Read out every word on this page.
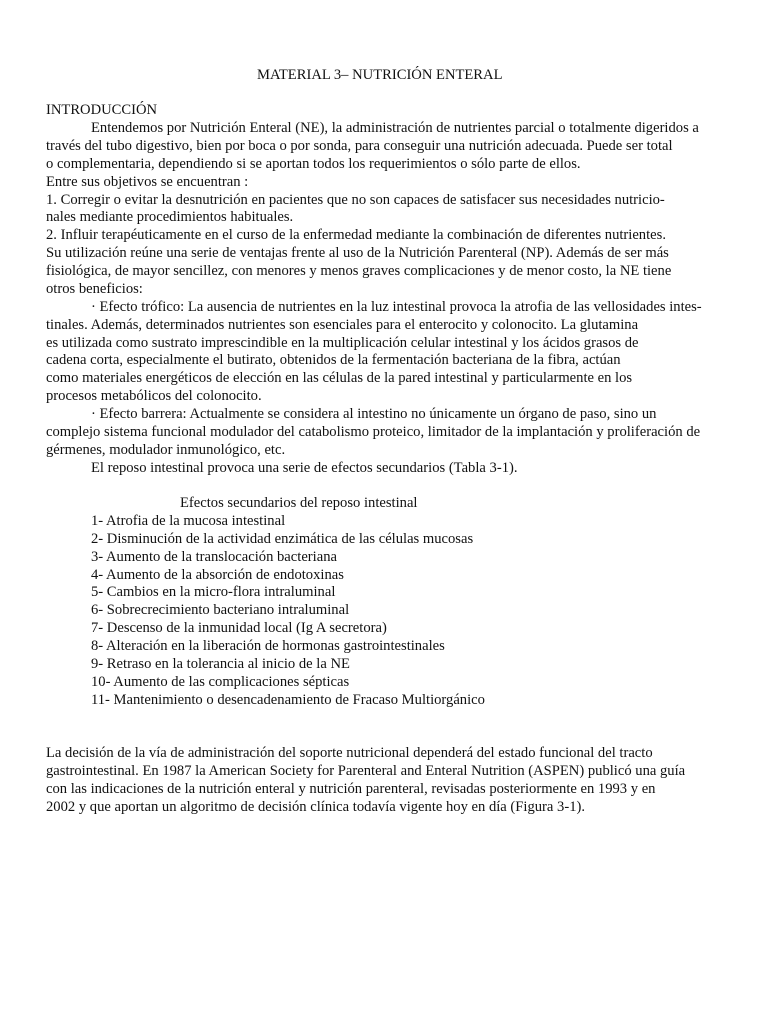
MATERIAL 3– NUTRICIÓN ENTERAL
INTRODUCCIÓN
Entendemos por Nutrición Enteral (NE), la administración de nutrientes parcial o totalmente digeridos a
través del tubo digestivo, bien por boca o por sonda, para conseguir una nutrición adecuada. Puede ser total
o complementaria, dependiendo si se aportan todos los requerimientos o sólo parte de ellos.
Entre sus objetivos se encuentran :
1. Corregir o evitar la desnutrición en pacientes que no son capaces de satisfacer sus necesidades nutricio-
nales mediante procedimientos habituales.
2. Influir terapéuticamente en el curso de la enfermedad mediante la combinación de diferentes nutrientes.
Su utilización reúne una serie de ventajas frente al uso de la Nutrición Parenteral (NP). Además de ser más
fisiológica, de mayor sencillez, con menores y menos graves complicaciones y de menor costo, la NE tiene
otros beneficios:
· Efecto trófico: La ausencia de nutrientes en la luz intestinal provoca la atrofia de las vellosidades intes-
tinales. Además, determinados nutrientes son esenciales para el enterocito y colonocito. La glutamina
es utilizada como sustrato imprescindible en la multiplicación celular intestinal y los ácidos grasos de
cadena corta, especialmente el butirato, obtenidos de la fermentación bacteriana de la fibra, actúan
como materiales energéticos de elección en las células de la pared intestinal y particularmente en los
procesos metabólicos del colonocito.
· Efecto barrera: Actualmente se considera al intestino no únicamente un órgano de paso, sino un
complejo sistema funcional modulador del catabolismo proteico, limitador de la implantación y proliferación de
gérmenes, modulador inmunológico, etc.
El reposo intestinal provoca una serie de efectos secundarios (Tabla 3-1).
Efectos secundarios del reposo intestinal
1- Atrofia de la mucosa intestinal
2- Disminución de la actividad enzimática de las células mucosas
3- Aumento de la translocación bacteriana
4- Aumento de la absorción de endotoxinas
5- Cambios en la micro-flora intraluminal
6- Sobrecrecimiento bacteriano intraluminal
7- Descenso de la inmunidad local (Ig A secretora)
8- Alteración en la liberación de hormonas gastrointestinales
9- Retraso en la tolerancia al inicio de la NE
10- Aumento de las complicaciones sépticas
11- Mantenimiento o desencadenamiento de Fracaso Multiorgánico
La decisión de la vía de administración del soporte nutricional dependerá del estado funcional del tracto
gastrointestinal. En 1987 la American Society for Parenteral and Enteral Nutrition (ASPEN) publicó una guía
con las indicaciones de la nutrición enteral y nutrición parenteral, revisadas posteriormente en 1993 y en
2002 y que aportan un algoritmo de decisión clínica todavía vigente hoy en día (Figura 3-1).
